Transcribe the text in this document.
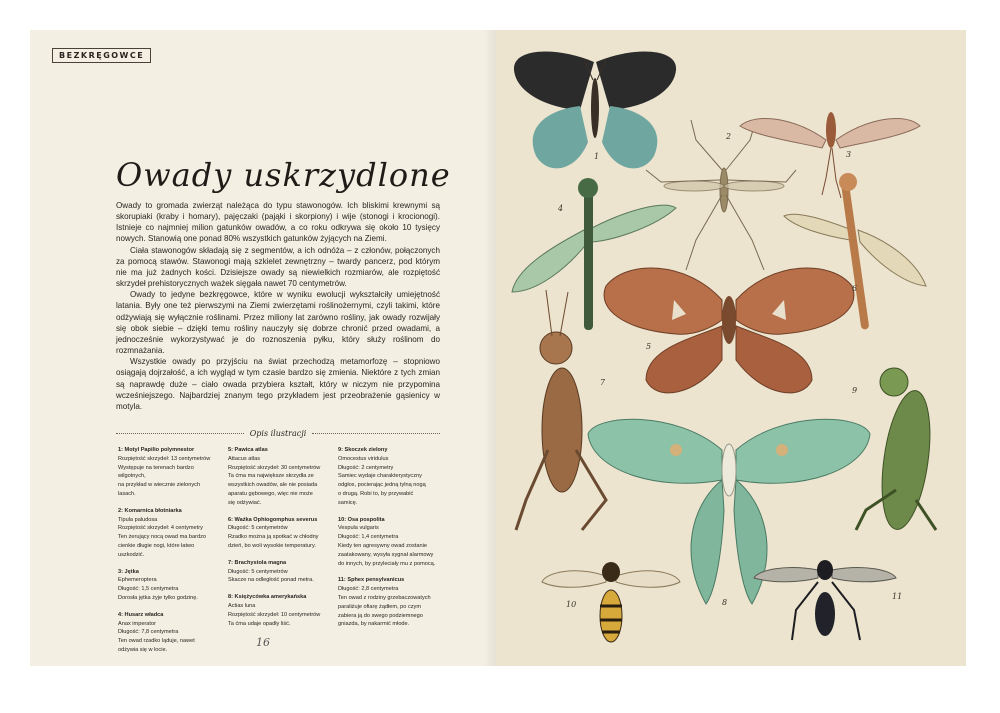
BEZKRĘGOWCE
Owady uskrzydlone

Owady to gromada zwierząt należąca do typu stawonogów. Ich bliskimi krewnymi są skorupiaki (kraby i homary), pajęczaki (pająki i skorpiony) i wije (stonogi i krocionogi). Istnieje co najmniej milion gatunków owadów, a co roku odkrywa się około 10 tysięcy nowych. Stanowią one ponad 80% wszystkich gatunków żyjących na Ziemi.

Ciała stawonogów składają się z segmentów, a ich odnóża – z członów, połączonych za pomocą stawów. Stawonogi mają szkielet zewnętrzny – twardy pancerz, pod którym nie ma już żadnych kości. Dzisiejsze owady są niewielkich rozmiarów, ale rozpiętość skrzydeł prehistorycznych ważek sięgała nawet 70 centymetrów.

Owady to jedyne bezkręgowce, które w wyniku ewolucji wykształciły umiejętność latania. Były one też pierwszymi na Ziemi zwierzętami roślinożernymi, czyli takimi, które odżywiają się wyłącznie roślinami. Przez miliony lat zarówno rośliny, jak owady rozwijały się obok siebie – dzięki temu rośliny nauczyły się dobrze chronić przed owadami, a jednocześnie wykorzystywać je do roznoszenia pyłku, który służy roślinom do rozmnażania.

Wszystkie owady po przyjściu na świat przechodzą metamorfozę – stopniowo osiągają dojrzałość, a ich wygląd w tym czasie bardzo się zmienia. Niektóre z tych zmian są naprawdę duże – ciało owada przybiera kształt, który w niczym nie przypomina wcześniejszego. Najbardziej znanym tego przykładem jest przeobrażenie gąsienicy w motyla.

Opis ilustracji
1: Motyl Papilio polymnestor
Rozpiętość skrzydeł: 13 centymetrów
Występuje na terenach bardzo wilgotnych,
na przykład w wiecznie zielonych lasach.
2: Komarnica błotniarka
Tipula paludosa
Rozpiętość skrzydeł: 4 centymetry
Ten żerujący nocą owad ma bardzo
cienkie długie nogi, które łatwo uszkodzić.
3: Jętka
Ephemeroptera
Długość: 1,5 centymetra
Dorosła jętka żyje tylko godzinę.
4: Husarz władca
Anax imperator
Długość: 7,8 centymetra
Ten owad rzadko ląduje, nawet
odżywia się w locie.
5: Pawica atlas
Attacus atlas
Rozpiętość skrzydeł: 30 centymetrów
Ta ćma ma największe skrzydła ze
wszystkich owadów, ale nie posiada
aparatu gębowego, więc nie może
się odżywiać.
6: Ważka Ophiogomphus severus
Długość: 5 centymetrów
Rzadko można ją spotkać w chłodny
dzień, bo woli wysokie temperatury.
7: Brachystola magna
Długość: 5 centymetrów
Skacze na odległość ponad metra.
8: Księżycówka amerykańska
Actias luna
Rozpiętość skrzydeł: 10 centymetrów
Ta ćma udaje opadły liść.
9: Skoczek zielony
Omocestus viridulus
Długość: 2 centymetry
Samiec wydaje charakterystyczny
odgłos, pocierając jedną tylną nogą
o drugą. Robi to, by przywabić
samicę.
10: Osa pospolita
Vespula vulgaris
Długość: 1,4 centymetra
Kiedy ten agresywny owad zostanie
zaatakowany, wysyła sygnał alarmowy
do innych, by przyleciały mu z pomocą.
11: Sphex pensylvanicus
Długość: 2,8 centymetra
Ten owad z rodziny grzebaczowatych
paraliżuje ofiarę żądłem, po czym
zabiera ją do swego podziemnego
gniazda, by nakarmić młode.
16
1
2
3
4
5
6
7
8
9
10
11
